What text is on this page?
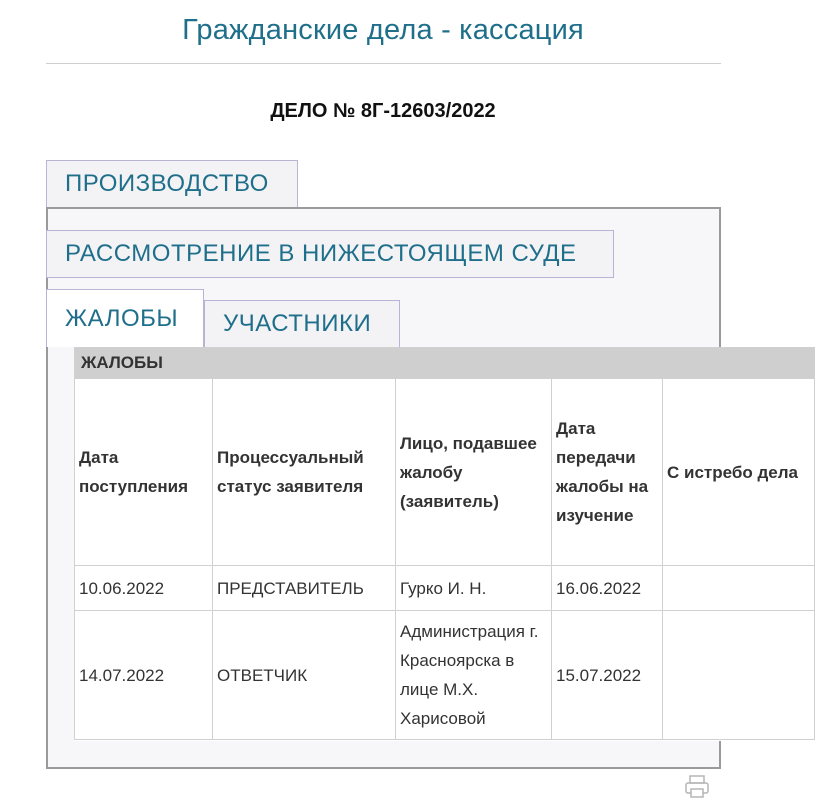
Гражданские дела - кассация
ДЕЛО № 8Г-12603/2022
ПРОИЗВОДСТВО
РАССМОТРЕНИЕ В НИЖЕСТОЯЩЕМ СУДЕ
ЖАЛОБЫ	УЧАСТНИКИ
ЖАЛОБЫ				
Дата поступления	Процессуальный статус заявителя	Лицо, подавшее жалобу (заявитель)	Дата передачи жалобы на изучение	С истребо дела
10.06.2022	ПРЕДСТАВИТЕЛЬ	Гурко И. Н.	16.06.2022	
14.07.2022	ОТВЕТЧИК	Администрация г. Красноярска в лице М.Х. Харисовой	15.07.2022	
